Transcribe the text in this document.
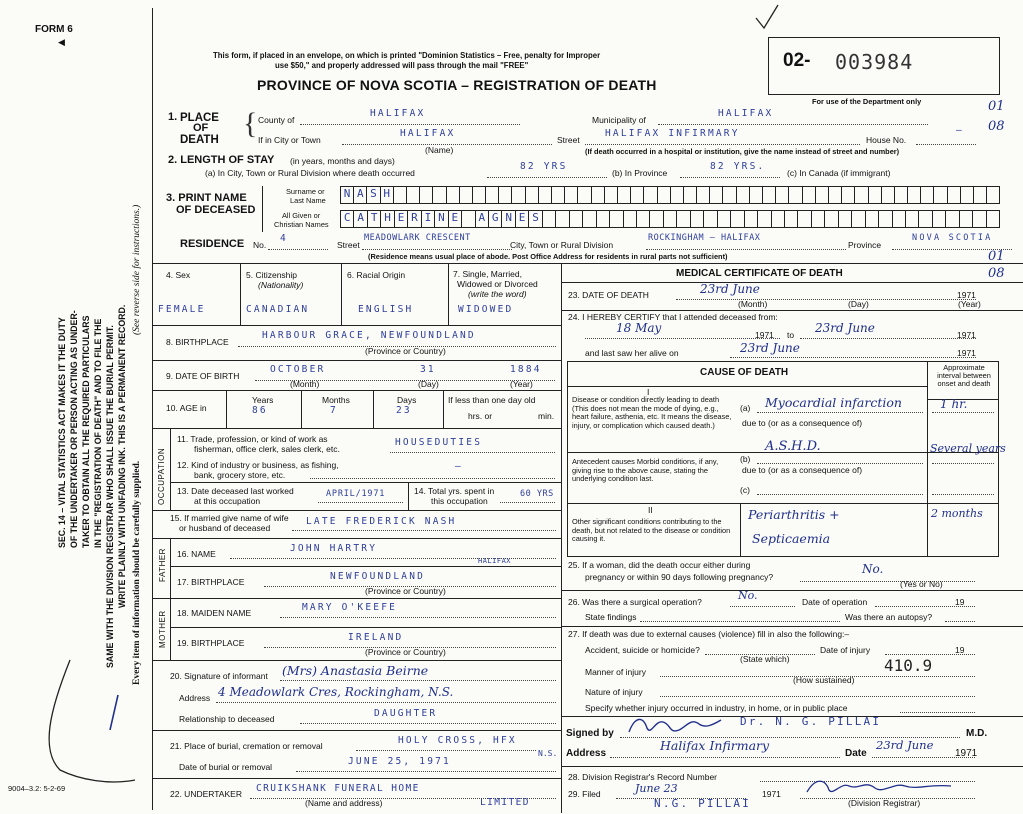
FORM 6
◀
SEC. 14 – VITAL STATISTICS ACT MAKES IT THE DUTY OF THE UNDERTAKER OR PERSON ACTING AS UNDER- TAKER TO OBTAIN ALL THE REQUIRED PARTICULARS IN THE "REGISTRATION OF DEATH" AND TO FILE THE SAME WITH THE DIVISION REGISTRAR WHO SHALL ISSUE THE BURIAL PERMIT. WRITE PLAINLY WITH UNFADING INK. THIS IS A PERMANENT RECORD. Every item of information should be carefully supplied.
(See reverse side for instructions.)
9004–3.2: 5-2-69
This form, if placed in an envelope, on which is printed "Dominion Statistics – Free, penalty for Improper
use $50," and properly addressed will pass through the mail "FREE"
PROVINCE OF NOVA SCOTIA – REGISTRATION OF DEATH
02- 003984
For use of the Department only	01
08
1. PLACE
OF
DEATH { County of
HALIFAX
Municipality of
HALIFAX
If in City or Town
HALIFAX
(Name)
Street
HALIFAX INFIRMARY
House No.
—
(If death occurred in a hospital or institution, give the name instead of street and number)
2. LENGTH OF STAY (in years, months and days)
(a) In City, Town or Rural Division where death occurred
82 YRS
(b) In Province
82 YRS.
(c) In Canada (if immigrant)
3. PRINT NAME
OF DECEASED
Surname or
Last Name
All Given or
Christian Names
N A S H
C A T H E R I N E	A G N E S
RESIDENCE No.
4
Street
MEADOWLARK CRESCENT
City, Town or Rural Division
ROCKINGHAM – HALIFAX
Province
NOVA SCOTIA
(Residence means usual place of abode. Post Office Address for residents in rural parts not sufficient)	01
08
4. Sex
FEMALE
5. Citizenship
(Nationality)
CANADIAN
6. Racial Origin
ENGLISH
7. Single, Married,
Widowed or Divorced
(write the word)
WIDOWED
8. BIRTHPLACE
HARBOUR GRACE, NEWFOUNDLAND
(Province or Country)
9. DATE OF BIRTH
OCTOBER	31	1884
(Month)	(Day)	(Year)
10. AGE in
Years	Months	Days
86	7	23
If less than one day old
hrs. or	min.
OCCUPATION
11. Trade, profession, or kind of work as
fisherman, office clerk, sales clerk, etc.
HOUSEDUTIES
12. Kind of industry or business, as fishing,
bank, grocery store, etc.
—
13. Date deceased last worked
at this occupation
APRIL/1971	14. Total yrs. spent in
this occupation
60 YRS
15. If married give name of wife
or husband of deceased
LATE FREDERICK NASH
FATHER 16. NAME	JOHN HARTRY
17. BIRTHPLACE	NEWFOUNDLAND
(Province or Country)
MOTHER 18. MAIDEN NAME	MARY O'KEEFE
19. BIRTHPLACE	IRELAND
(Province or Country)
20. Signature of informant (Mrs) Anastasia Beirne
Address 4 Meadowlark Cres, Rockingham, N.S.
Relationship to deceased	DAUGHTER
21. Place of burial, cremation or removal	HOLY CROSS, HFX
N.S.
Date of burial or removal	JUNE 25, 1971
22. UNDERTAKER CRUIKSHANK FUNERAL HOME
LIMITED
(Name and address)
HALIFAX
MEDICAL CERTIFICATE OF DEATH
23. DATE OF DEATH	23rd June	1971
(Month)	(Day)	(Year)
24. I HEREBY CERTIFY that I attended deceased from:
18 May	1971 to 23rd June	1971
and last saw her alive on	23rd June	1971
CAUSE OF DEATH	Approximate interval between onset and death
I
Disease or condition directly leading to death (This does not mean the mode of dying, e.g., heart failure, asthenia, etc. It means the disease, injury, or complication which caused death.)
(a) Myocardial infarction	1 hr.
due to (or as a consequence of)
Antecedent causes Morbid conditions, if any, giving rise to the above cause, stating the underlying condition last.
(b)
A.S.H.D.	Several years
due to (or as a consequence of)
(c)
II
Other significant conditions contributing to the death, but not related to the disease or condition causing it.
Periarthritis +
Septicaemia
2 months
25. If a woman, did the death occur either during
pregnancy or within 90 days following pregnancy?
No.
(Yes or No)
26. Was there a surgical operation?	No.	Date of operation	19
State findings	Was there an autopsy?
27. If death was due to external causes (violence) fill in also the following:–
Accident, suicide or homicide?	Date of injury	19
(State which)
Manner of injury	410.9
(How sustained)
Nature of injury
Specify whether injury occurred in industry, in home, or in public place
Signed by
Dr. N. G. PILLAI
M.D.
Address
Halifax Infirmary
Date
23rd June
1971
28. Division Registrar's Record Number
29. Filed	June 23	1971
(Division Registrar)
N.G. PILLAI
